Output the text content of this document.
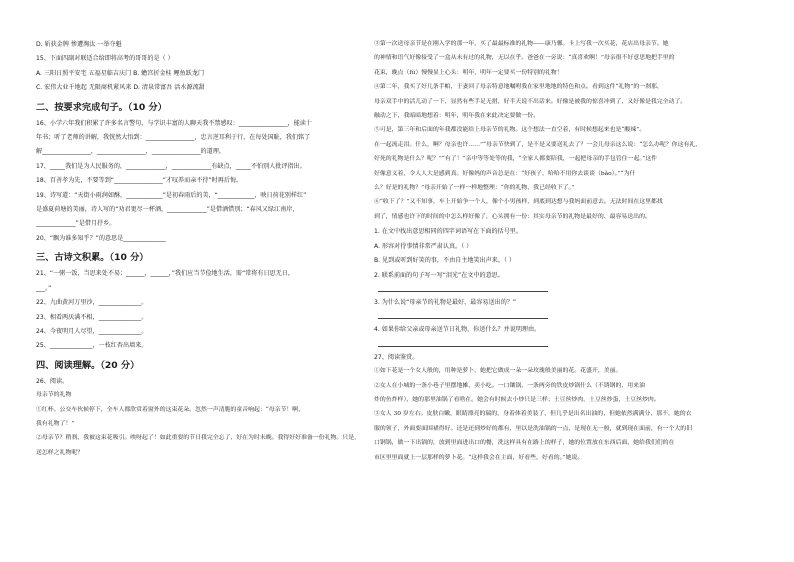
D. 斩获金牌 惨遭淘汰 一举夺魁
15、下面四副对联适合给即将高考的哥哥的是（ ）
A. 三阳日照平安宅 五福星临吉庆门 B. 蟾宫折金桂 鲤鱼跃龙门
C. 宏伟大业千地起 无限商机紧风来 D. 清泉常富吾 活水源流甜
二、按要求完成句子。（10 分）
16、小学六年我们积累了许多名言警句，与学识丰富的人聊天我不禁感叹：________________，能读十
年书；听了老师的讲解，我恍然大悟到：________________，忠言逆耳利于行，在每处国耻，我们铭了
解________________，________________，________________的道理。
17、_____我们是为人民服务的，_____________，_____________有缺点，_____不怕别人批评指出。
18、百善孝为先，不要等到“________________”才叹养而亲不待”时再后悔。
19、诗写道：“天街小雨润如酥，____________”是初春雨后的美，“____________，映日荷花别样红”
是盛夏荷塘的美丽，诗人写的“劝君更尽一杯酒，_____________”是借酒惜别；“春风又绿江南岸，
_____________”是借月抒乡。
20、“飘为谁多知乎？”的意思是______________
三、古诗文积累。（10 分）
21、“一粥一饭，当思来处不易；______，______，”我们应当节俭地生活，需“常将有日思无日，
___。”
22、九曲黄河万里沙，______________。
23、相看两厌满不相，______________。
24、今夜明月人尽望，______________。
25、______________，一枝红杏出墙来。
四、阅读理解。（20 分）
26、阅读。
母亲节的礼物
①红杯。公交车伙候停下，全车人都欣赏着窗外的这束花朵。忽然一声清脆的童音响起：“母亲节！啊，
我有礼物了！”
②母亲节？稍刹，我被这束花吸引。唉呀起了！如此重要的节日我完全忘了，好在为时未晚。我得好好准备一份礼物。只是，
送怎样之礼物呢？
③第一次送母亲节是在刚入学的那一年，买了最最标准的礼物——康乃馨。卡上写我一次买花，花店出母亲节。她
的神情和语气好像接受了一盒从未有过的礼物，无以在乎。爸爸在一旁说：“真喜欢啊！”母亲很不好意思地把手里的
花束，晚点（fù）慢慢显上心头：明年，明年一定要买一份特别的礼物！
④第二年，我买了好几条手帕，于妻回了母亲特意地嘱咐我在家里地地的特色和点。看到这件“礼物”的一刹那，
母亲双手中的活儿动了一下，显然有些手足无措，好半天说不出话来。好像是被我的惊喜冲到了，又好像是我完全动了。
触动之下，我暗暗地想着：明年，明年我在来此决定要做一份。
⑤可是，第三年和后面的年我都没能给上母亲节的礼物。这个想法一直空着，有时候想起来也是“酸辣”。
在一起流走泪。什么，啊？母亲也许……”“母亲节快到了，是不是又要送礼去了？一会儿母亲这么说：“怎么办呢？你这有礼，
好死的礼物是什么？呢？”“有了！”亲中等等处等的我，“全家人都要陪我，一起把母亲的手包管住一起。”这件
好像意义着，令人人大是感到真。好像妈的声音总是在：“好孩子，哈哈不用你去谈谈（bǎo）。”“为什
么？好是的礼物？”母亲开始了一样一样地整理：“你的礼物，我已经收下了。”
⑥“收下了？”又不知事，车上开始争一个人，像个小男孩样，到底到达想与我妈面前意去。无法时间在这里都找
到了，情感也许下的时间的中怎么样好像了，心头拥有一份：其实母亲节的礼物是最好的、最容易送出的。
1. 在文中找出意思相同的四字词语写在下面的括号里。
A. 形容对待事情非常严肃认真。（ ）
B. 见到或听到好笑的事，不由自主地笑出声来。（ ）
2. 联系前面的句子写一写“泪光”在文中的意思。
3. 为什么说“母亲节的礼物是最好、最容易送出的？”
4. 如果你给父亲或母亲送节日礼物，你送什么？并说明理由。
27、阅读鉴赏。
①如下花是一个女人般的，用种是萝卜，她把它做成一朵一朵玫瑰般美丽的花。花盛开，美丽。
②女人在小城的一条小巷子里摆地摊，卖小吃。一口镶锅，一条两旁的铁皮炒锅什么（不锈钢的，用来油
炸的鱼炸样），她的那里油锅了看啥在。她会有时候去小炒只是三样；土豆丝炒肉，土豆丝炒蛋，土豆丝炒肉。
③女人 30 岁左右。皮肤白嫩，眼睛漂亮的瑞的，身着体着美装了，但几乎是出名出油的，但她依然满满分，那不，她的衣
服的领子，外面要面围裙得好。还是还到炒好的都有，里以是洗油锅的一点，是现在无一般，就到现在面前，有一个大的旧
口钢锅，做一下出锅的，放到里面进出口的餐，洗这样具有在路上的样子，她的位置放在东西后面，她给我们们的在
市区里里面就上一层那样的萝卜花。“这样我会在主面，好看些，好看的。”她说。
